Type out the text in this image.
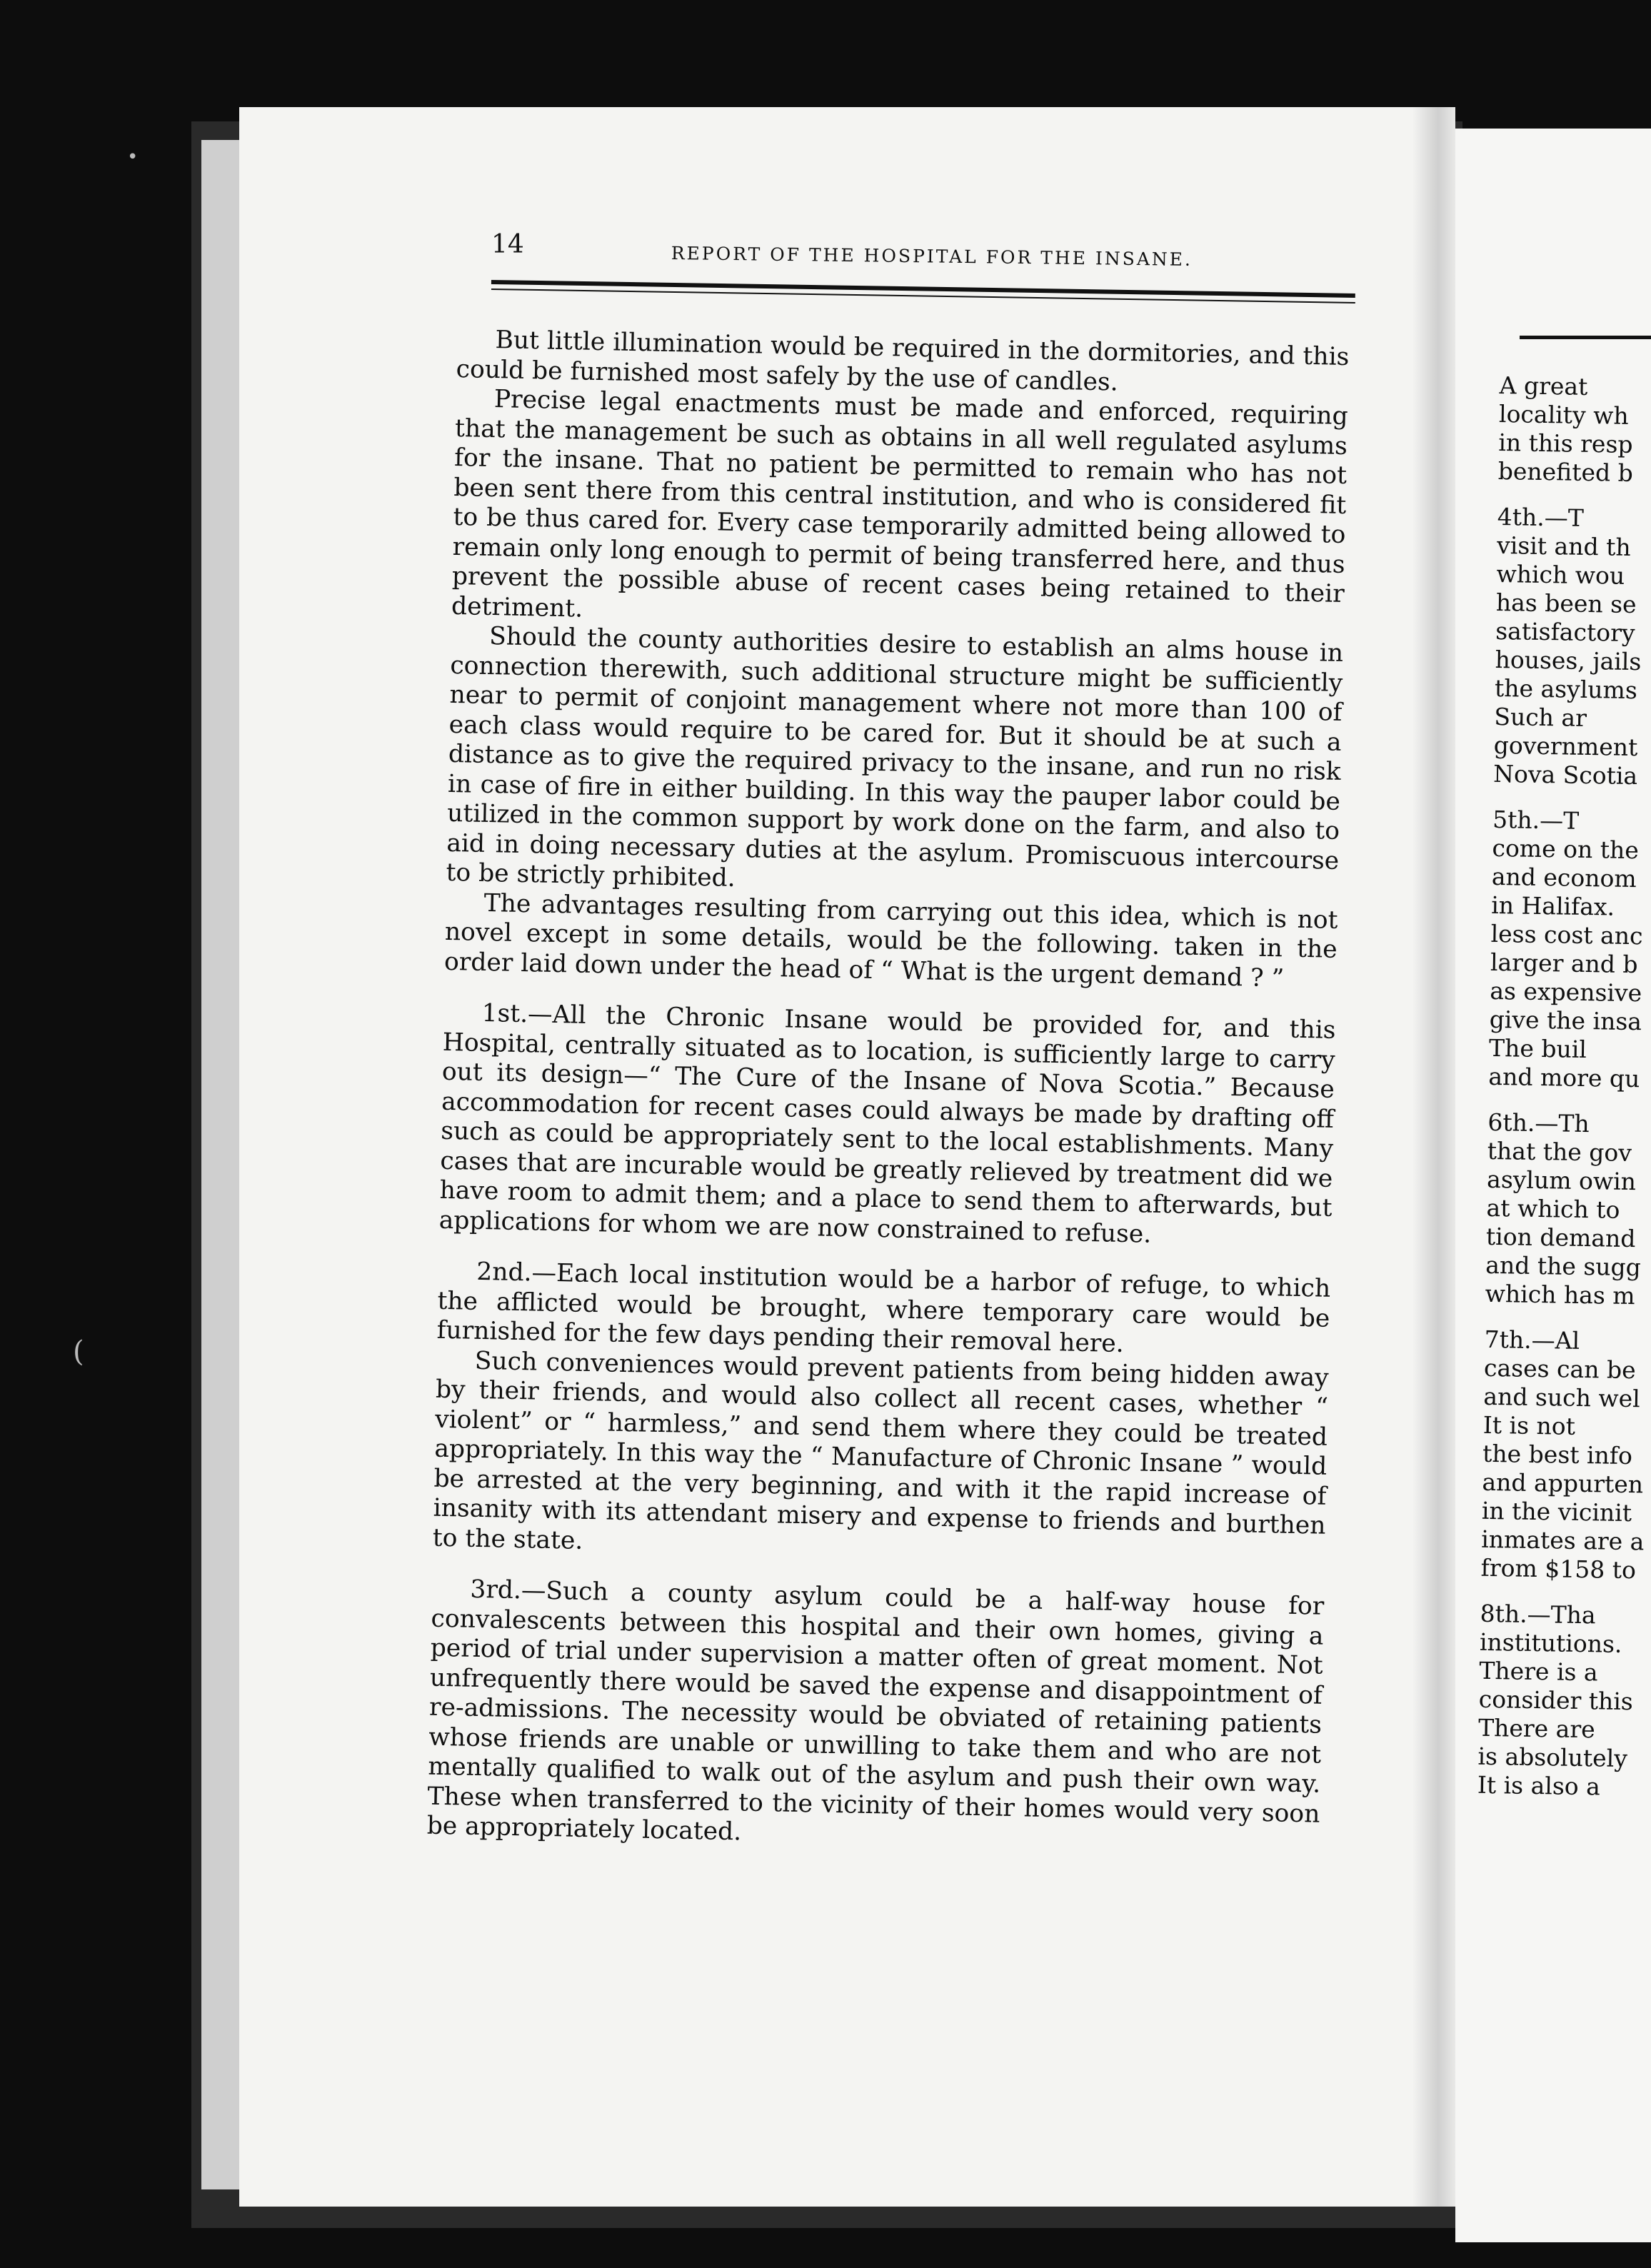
•
(
14	REPORT OF THE HOSPITAL FOR THE INSANE.

But little illumination would be required in the dormitories, and this could be furnished most safely by the use of candles.

Precise legal enactments must be made and enforced, requiring that the management be such as obtains in all well regulated asylums for the insane. That no patient be permitted to remain who has not been sent there from this central institution, and who is considered fit to be thus cared for. Every case temporarily admitted being allowed to remain only long enough to permit of being transferred here, and thus prevent the possible abuse of recent cases being retained to their detriment.

Should the county authorities desire to establish an alms house in connection therewith, such additional structure might be sufficiently near to permit of conjoint management where not more than 100 of each class would require to be cared for. But it should be at such a distance as to give the required privacy to the insane, and run no risk in case of fire in either building. In this way the pauper labor could be utilized in the common support by work done on the farm, and also to aid in doing necessary duties at the asylum. Promiscuous intercourse to be strictly prhibited.

The advantages resulting from carrying out this idea, which is not novel except in some details, would be the following. taken in the order laid down under the head of “ What is the urgent demand ? ”

1st.—All the Chronic Insane would be provided for, and this Hospital, centrally situated as to location, is sufficiently large to carry out its design—“ The Cure of the Insane of Nova Scotia.” Because accommodation for recent cases could always be made by drafting off such as could be appropriately sent to the local establishments. Many cases that are incurable would be greatly relieved by treatment did we have room to admit them; and a place to send them to afterwards, but applications for whom we are now constrained to refuse.

2nd.—Each local institution would be a harbor of refuge, to which the afflicted would be brought, where temporary care would be furnished for the few days pending their removal here.

Such conveniences would prevent patients from being hidden away by their friends, and would also collect all recent cases, whether “ violent” or “ harmless,” and send them where they could be treated appropriately. In this way the “ Manufacture of Chronic Insane ” would be arrested at the very beginning, and with it the rapid increase of insanity with its attendant misery and expense to friends and burthen to the state.

3rd.—Such a county asylum could be a half-way house for convalescents between this hospital and their own homes, giving a period of trial under supervision a matter often of great moment. Not unfrequently there would be saved the expense and disappointment of re-admissions. The necessity would be obviated of retaining patients whose friends are unable or unwilling to take them and who are not mentally qualified to walk out of the asylum and push their own way. These when transferred to the vicinity of their homes would very soon be appropriately located.

A great
locality wh
in this resp
benefited b
4th.—T
visit and th
which wou
has been se
satisfactory
houses, jails
the asylums
Such ar
government
Nova Scotia
5th.—T
come on the
and econom
in Halifax.
less cost anc
larger and b
as expensive
give the insa
The buil
and more qu
6th.—Th
that the gov
asylum owin
at which to
tion demand
and the sugg
which has m
7th.—Al
cases can be
and such wel
It is not
the best info
and appurten
in the vicinit
inmates are a
from $158 to
8th.—Tha
institutions.
There is a
consider this
There are
is absolutely
It is also a
